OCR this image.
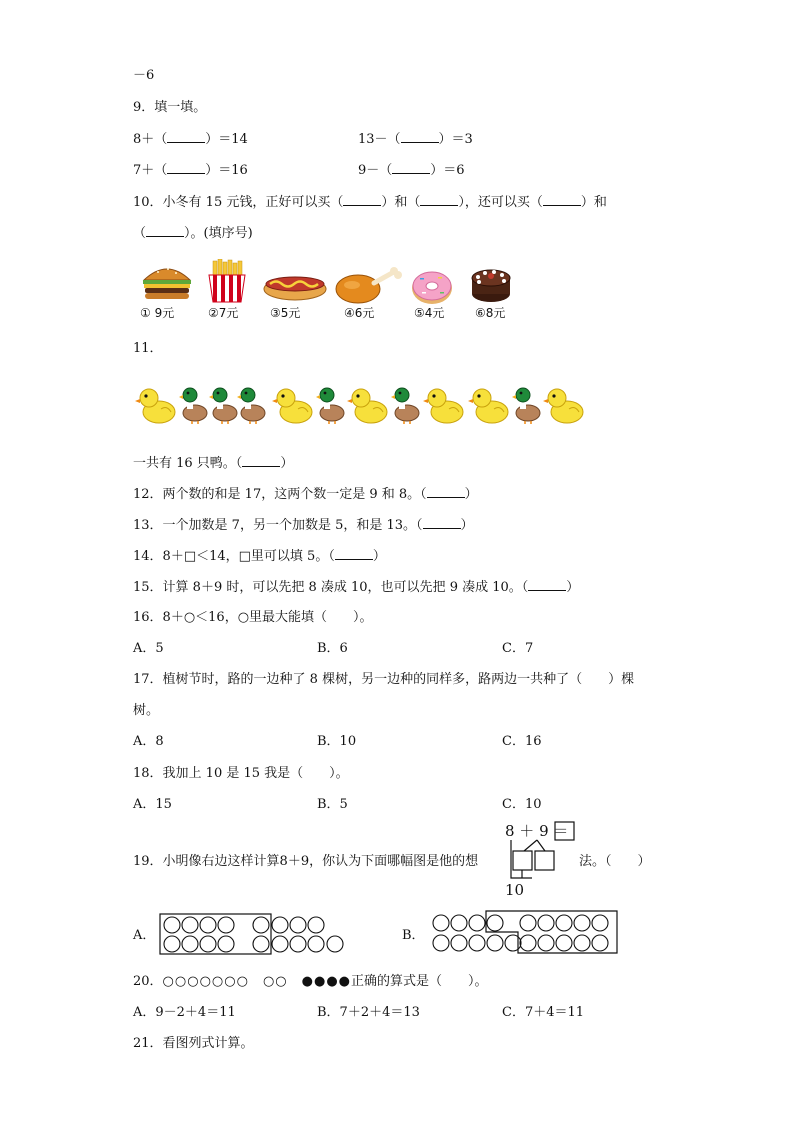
－6
9．填一填。
8＋（	）＝14	13－（	）＝3
7＋（	）＝16	9－（	）＝6
10．小冬有 15 元钱，正好可以买（	）和（	），还可以买（	）和
（	）。(填序号)
① 9元	②7元	③5元	④6元	⑤4元	⑥8元
11．
一共有 16 只鸭。（	）
12．两个数的和是 17，这两个数一定是 9 和 8。（	）
13．一个加数是 7，另一个加数是 5，和是 13。（	）
14．8＋□＜14，□里可以填 5。（	）
15．计算 8＋9 时，可以先把 8 凑成 10，也可以先把 9 凑成 10。（	）
16．8＋○＜16，○里最大能填（　　）。
A．5	B．6	C．7
17．植树节时，路的一边种了 8 棵树，另一边种的同样多，路两边一共种了（　　）棵
树。
A．8	B．10	C．16
18．我加上 10 是 15 我是（　　）。
A．15	B．5	C．10
19．小明像右边这样计算8＋9，你认为下面哪幅图是他的想
8 ＋ 9 ＝
10
法。（　　）
A．	B．
20．○○○○○○○　○○　●●●●正确的算式是（　　）。
A．9－2＋4＝11	B．7＋2＋4＝13	C．7＋4＝11
21．看图列式计算。
